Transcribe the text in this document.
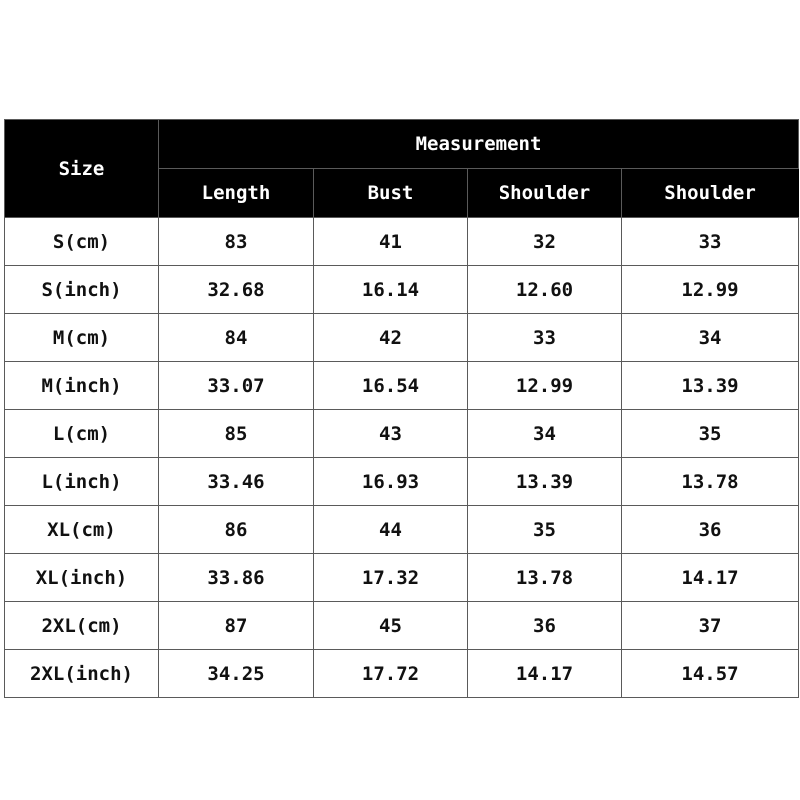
Size	Measurement			
	Length	Bust	Shoulder	Shoulder
S(cm)	83	41	32	33
S(inch)	32.68	16.14	12.60	12.99
M(cm)	84	42	33	34
M(inch)	33.07	16.54	12.99	13.39
L(cm)	85	43	34	35
L(inch)	33.46	16.93	13.39	13.78
XL(cm)	86	44	35	36
XL(inch)	33.86	17.32	13.78	14.17
2XL(cm)	87	45	36	37
2XL(inch)	34.25	17.72	14.17	14.57
